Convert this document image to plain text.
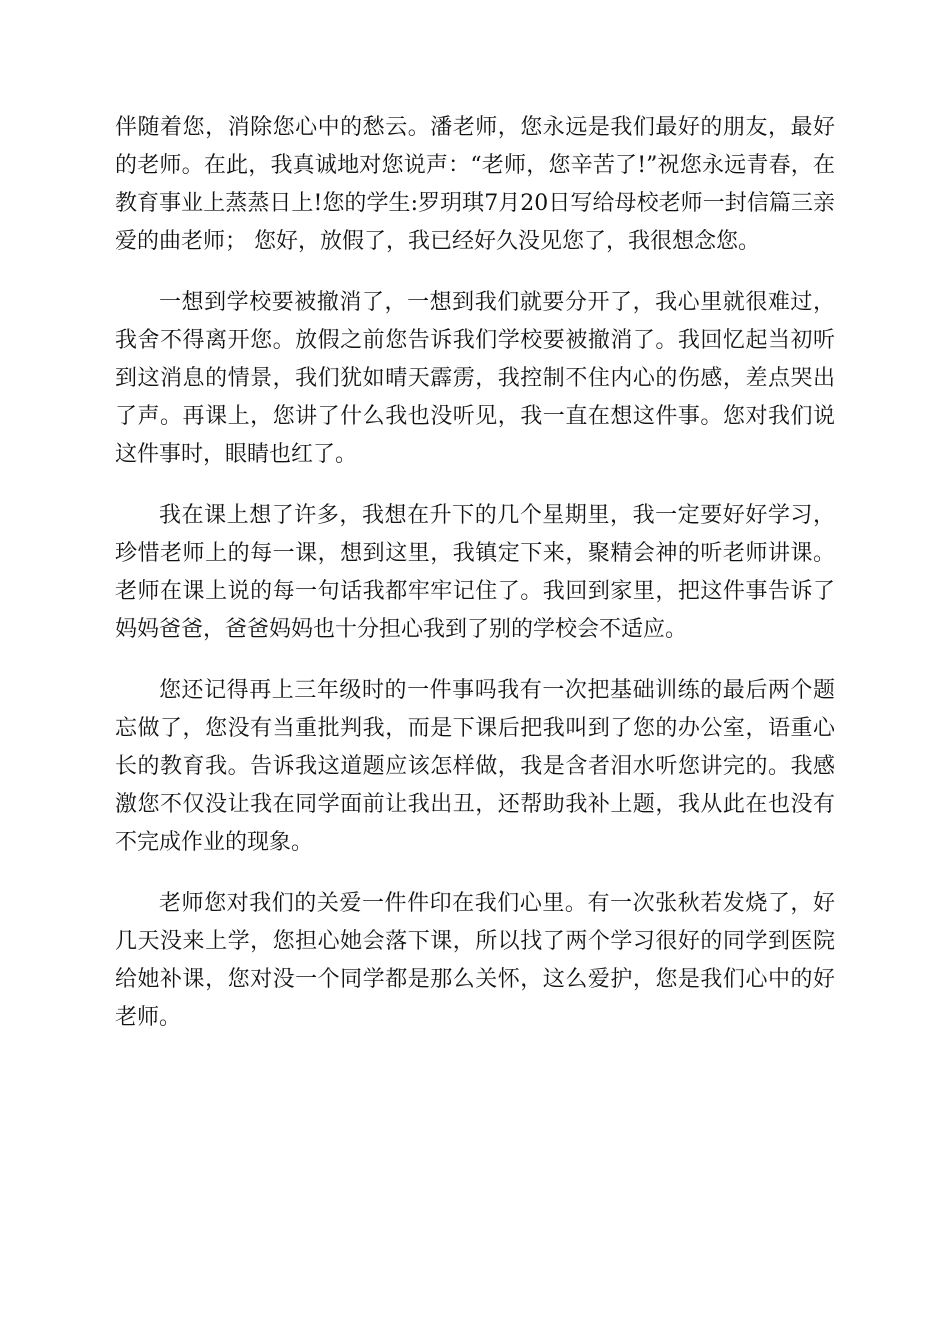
伴随着您，消除您心中的愁云。潘老师，您永远是我们最好的朋友，最好的老师。在此，我真诚地对您说声：“老师，您辛苦了!”祝您永远青春，在教育事业上蒸蒸日上!您的学生:罗玥琪7月20日写给母校老师一封信篇三亲爱的曲老师； 您好，放假了，我已经好久没见您了，我很想念您。

一想到学校要被撤消了，一想到我们就要分开了，我心里就很难过，我舍不得离开您。放假之前您告诉我们学校要被撤消了。我回忆起当初听到这消息的情景，我们犹如晴天霹雳，我控制不住内心的伤感，差点哭出了声。再课上，您讲了什么我也没听见，我一直在想这件事。您对我们说这件事时，眼睛也红了。

我在课上想了许多，我想在升下的几个星期里，我一定要好好学习，珍惜老师上的每一课，想到这里，我镇定下来，聚精会神的听老师讲课。老师在课上说的每一句话我都牢牢记住了。我回到家里，把这件事告诉了妈妈爸爸，爸爸妈妈也十分担心我到了别的学校会不适应。

您还记得再上三年级时的一件事吗我有一次把基础训练的最后两个题忘做了，您没有当重批判我，而是下课后把我叫到了您的办公室，语重心长的教育我。告诉我这道题应该怎样做，我是含者泪水听您讲完的。我感激您不仅没让我在同学面前让我出丑，还帮助我补上题，我从此在也没有不完成作业的现象。

老师您对我们的关爱一件件印在我们心里。有一次张秋若发烧了，好几天没来上学，您担心她会落下课，所以找了两个学习很好的同学到医院给她补课，您对没一个同学都是那么关怀，这么爱护，您是我们心中的好老师。
